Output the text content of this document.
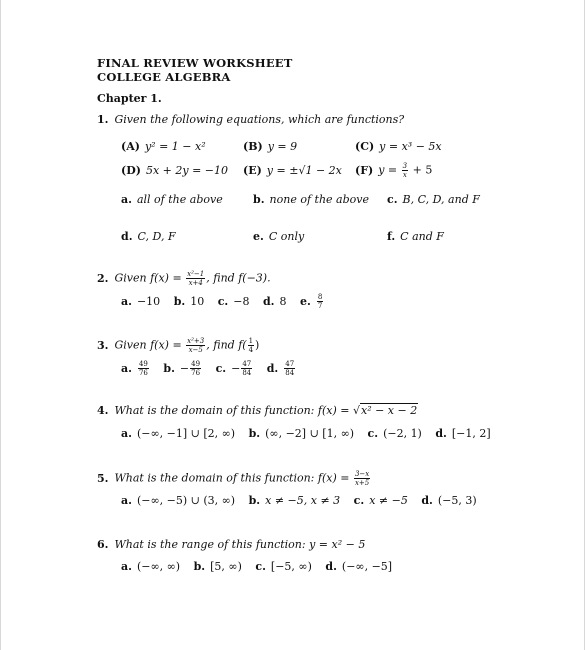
FINAL REVIEW WORKSHEET
COLLEGE ALGEBRA
Chapter 1.
1. Given the following equations, which are functions?
(A) y² = 1 − x²	(B) y = 9	(C) y = x³ − 5x
(D) 5x + 2y = −10 (E) y = ±√1 − 2x (F) $y = \frac{3}{x} + 5$
a. all of the above	b. none of the above c. B, C, D, and F
d. C, D, F	e. C only	f. C and F
2. Given $f(x) = \frac{\text{x²−1}}{x+4}$ , find f(−3).
a. −10 b. 10 c. −8 d. 8 e. $\frac{8}{7}$
3. Given $f(x) = \frac{\text{x²+3}}{x-5}$ , find $f( \frac{1}{4}$ )
a. $\frac{49}{76} b$. − $\frac{49}{76} c$. − $\frac{47}{84} d$. $\frac{47}{84}$
4. What is the domain of this function: f(x) = √x² − x − 2
a. (−∞, −1] ∪ [2, ∞) b. (∞, −2] ∪ [1, ∞) c. (−2, 1) d. [−1, 2]
5. What is the domain of this function: $f(x) = \frac{3-x}{x+5}$
a. (−∞, −5) ∪ (3, ∞) b. x ≠ −5, x ≠ 3 c. x ≠ −5 d. (−5, 3)
6. What is the range of this function: y = x² − 5
a. (−∞, ∞) b. [5, ∞) c. [−5, ∞) d. (−∞, −5]
